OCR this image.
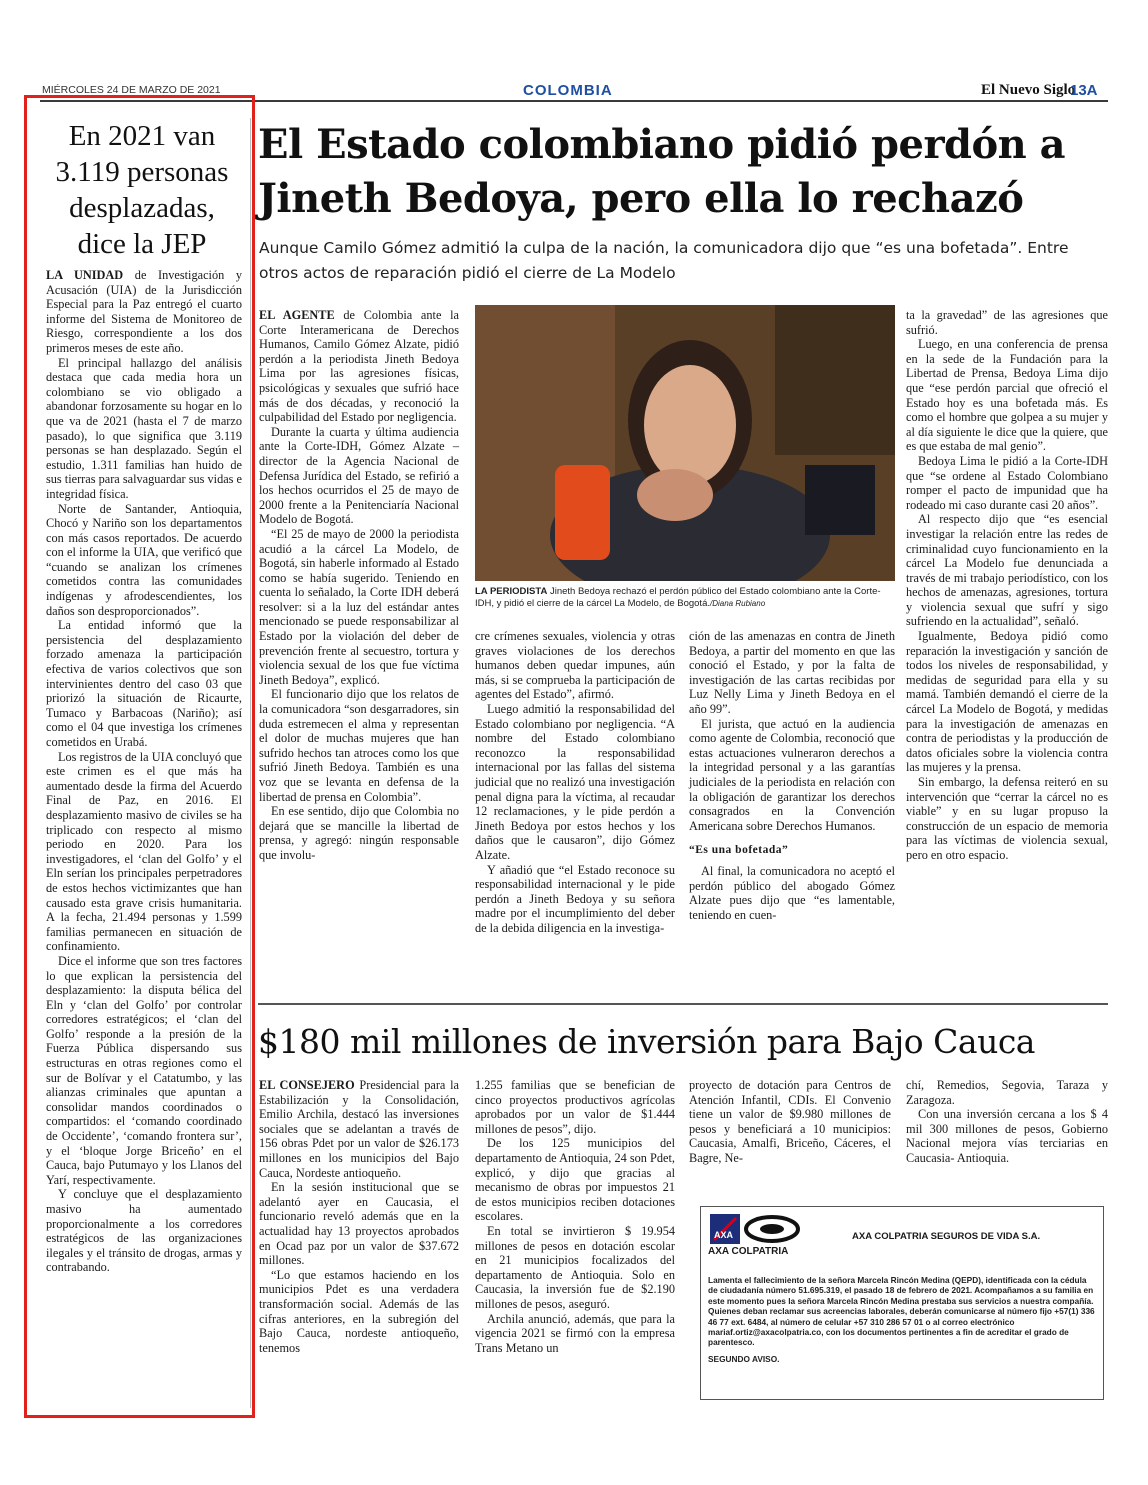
MIÉRCOLES 24 DE MARZO DE 2021	COLOMBIA	El Nuevo Siglo
13A
En 2021 van 3.119 personas desplazadas, dice la JEP

LA UNIDAD de Investigación y Acusación (UIA) de la Jurisdicción Especial para la Paz entregó el cuarto informe del Sistema de Monitoreo de Riesgo, correspondiente a los dos primeros meses de este año.

El principal hallazgo del análisis destaca que cada media hora un colombiano se vio obligado a abandonar forzosamente su hogar en lo que va de 2021 (hasta el 7 de marzo pasado), lo que significa que 3.119 personas se han desplazado. Según el estudio, 1.311 familias han huido de sus tierras para salvaguardar sus vidas e integridad física.

Norte de Santander, Antioquia, Chocó y Nariño son los departamentos con más casos reportados. De acuerdo con el informe la UIA, que verificó que “cuando se analizan los crímenes cometidos contra las comunidades indígenas y afrodescendientes, los daños son desproporcionados”.

La entidad informó que la persistencia del desplazamiento forzado amenaza la participación efectiva de varios colectivos que son intervinientes dentro del caso 03 que priorizó la situación de Ricaurte, Tumaco y Barbacoas (Nariño); así como el 04 que investiga los crímenes cometidos en Urabá.

Los registros de la UIA concluyó que este crimen es el que más ha aumentado desde la firma del Acuerdo Final de Paz, en 2016. El desplazamiento masivo de civiles se ha triplicado con respecto al mismo periodo en 2020. Para los investigadores, el ‘clan del Golfo’ y el Eln serían los principales perpetradores de estos hechos victimizantes que han causado esta grave crisis humanitaria. A la fecha, 21.494 personas y 1.599 familias permanecen en situación de confinamiento.

Dice el informe que son tres factores lo que explican la persistencia del desplazamiento: la disputa bélica del Eln y ‘clan del Golfo’ por controlar corredores estratégicos; el ‘clan del Golfo’ responde a la presión de la Fuerza Pública dispersando sus estructuras en otras regiones como el sur de Bolívar y el Catatumbo, y las alianzas criminales que apuntan a consolidar mandos coordinados o compartidos: el ‘comando coordinado de Occidente’, ‘comando frontera sur’, y el ‘bloque Jorge Briceño’ en el Cauca, bajo Putumayo y los Llanos del Yarí, respectivamente.

Y concluye que el desplazamiento masivo ha aumentado proporcionalmente a los corredores estratégicos de las organizaciones ilegales y el tránsito de drogas, armas y contrabando.

El Estado colombiano pidió perdón a Jineth Bedoya, pero ella lo rechazó
Aunque Camilo Gómez admitió la culpa de la nación, la comunicadora dijo que “es una bofetada”. Entre otros actos de reparación pidió el cierre de La Modelo

EL AGENTE de Colombia ante la Corte Interamericana de Derechos Humanos, Camilo Gómez Alzate, pidió perdón a la periodista Jineth Bedoya Lima por las agresiones físicas, psicológicas y sexuales que sufrió hace más de dos décadas, y reconoció la culpabilidad del Estado por negligencia.

Durante la cuarta y última audiencia ante la Corte-IDH, Gómez Alzate –director de la Agencia Nacional de Defensa Jurídica del Estado, se refirió a los hechos ocurridos el 25 de mayo de 2000 frente a la Penitenciaría Nacional Modelo de Bogotá.

“El 25 de mayo de 2000 la periodista acudió a la cárcel La Modelo, de Bogotá, sin haberle informado al Estado como se había sugerido. Teniendo en cuenta lo señalado, la Corte IDH deberá resolver: si a la luz del estándar antes mencionado se puede responsabilizar al Estado por la violación del deber de prevención frente al secuestro, tortura y violencia sexual de los que fue víctima Jineth Bedoya”, explicó.

El funcionario dijo que los relatos de la comunicadora “son desgarradores, sin duda estremecen el alma y representan el dolor de muchas mujeres que han sufrido hechos tan atroces como los que sufrió Jineth Bedoya. También es una voz que se levanta en defensa de la libertad de prensa en Colombia”.

En ese sentido, dijo que Colombia no dejará que se mancille la libertad de prensa, y agregó: ningún responsable que involu-

LA PERIODISTA Jineth Bedoya rechazó el perdón público del Estado colombiano ante la Corte-IDH, y pidió el cierre de la cárcel La Modelo, de Bogotá./Diana Rubiano

cre crímenes sexuales, violencia y otras graves violaciones de los derechos humanos deben quedar impunes, aún más, si se comprueba la participación de agentes del Estado”, afirmó.

Luego admitió la responsabilidad del Estado colombiano por negligencia. “A nombre del Estado colombiano reconozco la responsabilidad internacional por las fallas del sistema judicial que no realizó una investigación penal digna para la víctima, al recaudar 12 reclamaciones, y le pide perdón a Jineth Bedoya por estos hechos y los daños que le causaron”, dijo Gómez Alzate.

Y añadió que “el Estado reconoce su responsabilidad internacional y le pide perdón a Jineth Bedoya y su señora madre por el incumplimiento del deber de la debida diligencia en la investiga-

ción de las amenazas en contra de Jineth Bedoya, a partir del momento en que las conoció el Estado, y por la falta de investigación de las cartas recibidas por Luz Nelly Lima y Jineth Bedoya en el año 99”.

El jurista, que actuó en la audiencia como agente de Colombia, reconoció que estas actuaciones vulneraron derechos a la integridad personal y a las garantías judiciales de la periodista en relación con la obligación de garantizar los derechos consagrados en la Convención Americana sobre Derechos Humanos.

“Es una bofetada”

Al final, la comunicadora no aceptó el perdón público del abogado Gómez Alzate pues dijo que “es lamentable, teniendo en cuen-

ta la gravedad” de las agresiones que sufrió.

Luego, en una conferencia de prensa en la sede de la Fundación para la Libertad de Prensa, Bedoya Lima dijo que “ese perdón parcial que ofreció el Estado hoy es una bofetada más. Es como el hombre que golpea a su mujer y al día siguiente le dice que la quiere, que es que estaba de mal genio”.

Bedoya Lima le pidió a la Corte-IDH que “se ordene al Estado Colombiano romper el pacto de impunidad que ha rodeado mi caso durante casi 20 años”.

Al respecto dijo que “es esencial investigar la relación entre las redes de criminalidad cuyo funcionamiento en la cárcel La Modelo fue denunciada a través de mi trabajo periodístico, con los hechos de amenazas, agresiones, tortura y violencia sexual que sufrí y sigo sufriendo en la actualidad”, señaló.

Igualmente, Bedoya pidió como reparación la investigación y sanción de todos los niveles de responsabilidad, y medidas de seguridad para ella y su mamá. También demandó el cierre de la cárcel La Modelo de Bogotá, y medidas para la investigación de amenazas en contra de periodistas y la producción de datos oficiales sobre la violencia contra las mujeres y la prensa.

Sin embargo, la defensa reiteró en su intervención que “cerrar la cárcel no es viable” y en su lugar propuso la construcción de un espacio de memoria para las víctimas de violencia sexual, pero en otro espacio.

$180 mil millones de inversión para Bajo Cauca

EL CONSEJERO Presidencial para la Estabilización y la Consolidación, Emilio Archila, destacó las inversiones sociales que se adelantan a través de 156 obras Pdet por un valor de $26.173 millones en los municipios del Bajo Cauca, Nordeste antioqueño.

En la sesión institucional que se adelantó ayer en Caucasia, el funcionario reveló además que en la actualidad hay 13 proyectos aprobados en Ocad paz por un valor de $37.672 millones.

“Lo que estamos haciendo en los municipios Pdet es una verdadera transformación social. Además de las cifras anteriores, en la subregión del Bajo Cauca, nordeste antioqueño, tenemos

1.255 familias que se benefician de cinco proyectos productivos agrícolas aprobados por un valor de $1.444 millones de pesos”, dijo.

De los 125 municipios del departamento de Antioquia, 24 son Pdet, explicó, y dijo que gracias al mecanismo de obras por impuestos 21 de estos municipios reciben dotaciones escolares.

En total se invirtieron $ 19.954 millones de pesos en dotación escolar en 21 municipios focalizados del departamento de Antioquia. Solo en Caucasia, la inversión fue de $2.190 millones de pesos, aseguró.

Archila anunció, además, que para la vigencia 2021 se firmó con la empresa Trans Metano un

proyecto de dotación para Centros de Atención Infantil, CDIs. El Convenio tiene un valor de $9.980 millones de pesos y beneficiará a 10 municipios: Caucasia, Amalfi, Briceño, Cáceres, el Bagre, Ne-

chí, Remedios, Segovia, Taraza y Zaragoza.

Con una inversión cercana a los $ 4 mil 300 millones de pesos, Gobierno Nacional mejora vías terciarias en Caucasia- Antioquia.

AXA
AXA COLPATRIA
AXA COLPATRIA SEGUROS DE VIDA S.A.
Lamenta el fallecimiento de la señora Marcela Rincón Medina (QEPD), identificada con la cédula de ciudadanía número 51.695.319, el pasado 18 de febrero de 2021. Acompañamos a su familia en este momento pues la señora Marcela Rincón Medina prestaba sus servicios a nuestra compañía. Quienes deban reclamar sus acreencias laborales, deberán comunicarse al número fijo +57(1) 336 46 77 ext. 6484, al número de celular +57 310 286 57 01 o al correo electrónico mariaf.ortiz@axacolpatria.co, con los documentos pertinentes a fin de acreditar el grado de parentesco.
SEGUNDO AVISO.
